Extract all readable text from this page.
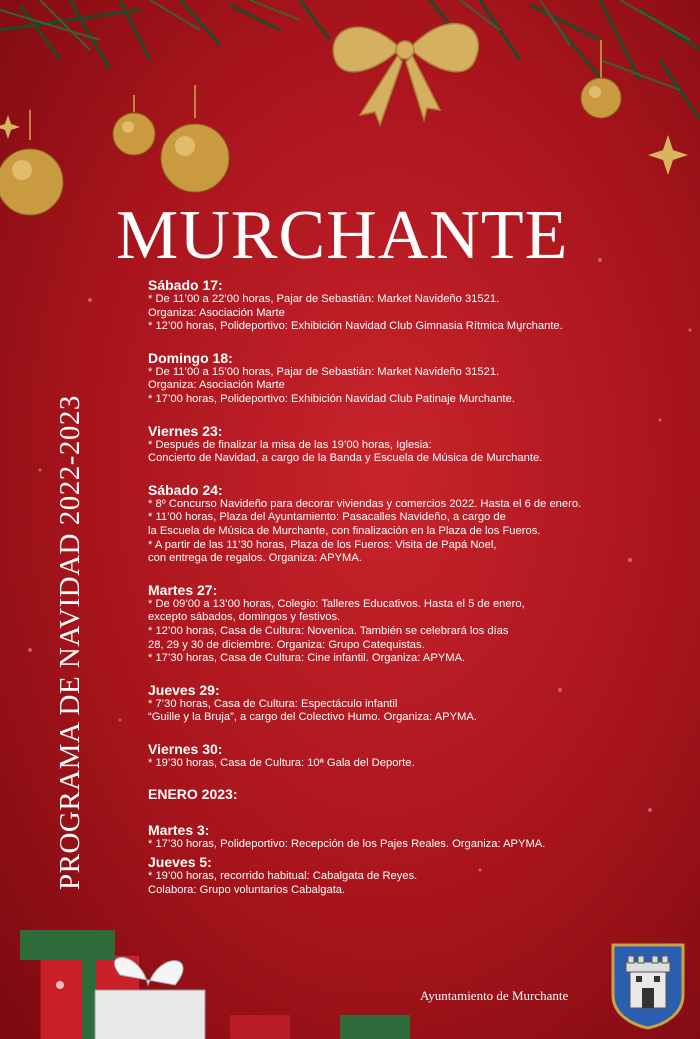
MURCHANTE
PROGRAMA DE NAVIDAD 2022-2023
Sábado 17:
* De 11’00 a 22’00 horas, Pajar de Sebastián: Market Navideño 31521.
Organiza: Asociación Marte
* 12’00 horas, Polideportivo: Exhibición Navidad Club Gimnasia Rítmica Murchante.
Domingo 18:
* De 11’00 a 15’00 horas, Pajar de Sebastián: Market Navideño 31521.
Organiza: Asociación Marte
* 17’00 horas, Polideportivo: Exhibición Navidad Club Patinaje Murchante.
Viernes 23:
* Después de finalizar la misa de las 19’00 horas, Iglesia:
Concierto de Navidad, a cargo de la Banda y Escuela de Música de Murchante.
Sábado 24:
* 8º Concurso Navideño para decorar viviendas y comercios 2022. Hasta el 6 de enero.
* 11’00 horas, Plaza del Ayuntamiento: Pasacalles Navideño, a cargo de
la Escuela de Música de Murchante, con finalización en la Plaza de los Fueros.
* A partir de las 11’30 horas, Plaza de los Fueros: Visita de Papá Noel,
con entrega de regalos. Organiza: APYMA.
Martes 27:
* De 09’00 a 13’00 horas, Colegio: Talleres Educativos. Hasta el 5 de enero,
excepto sábados, domingos y festivos.
* 12’00 horas, Casa de Cultura: Novenica. También se celebrará los días
28, 29 y 30 de diciembre. Organiza: Grupo Catequistas.
* 17’30 horas, Casa de Cultura: Cine infantil. Organiza: APYMA.
Jueves 29:
* 7’30 horas, Casa de Cultura: Espectáculo infantil
“Guille y la Bruja”, a cargo del Colectivo Humo. Organiza: APYMA.
Viernes 30:
* 19’30 horas, Casa de Cultura: 10ª Gala del Deporte.
ENERO 2023:
Martes 3:
* 17’30 horas, Polideportivo: Recepción de los Pajes Reales. Organiza: APYMA.
Jueves 5:
* 19’00 horas, recorrido habitual: Cabalgata de Reyes.
Colabora: Grupo voluntarios Cabalgata.
Ayuntamiento de Murchante
